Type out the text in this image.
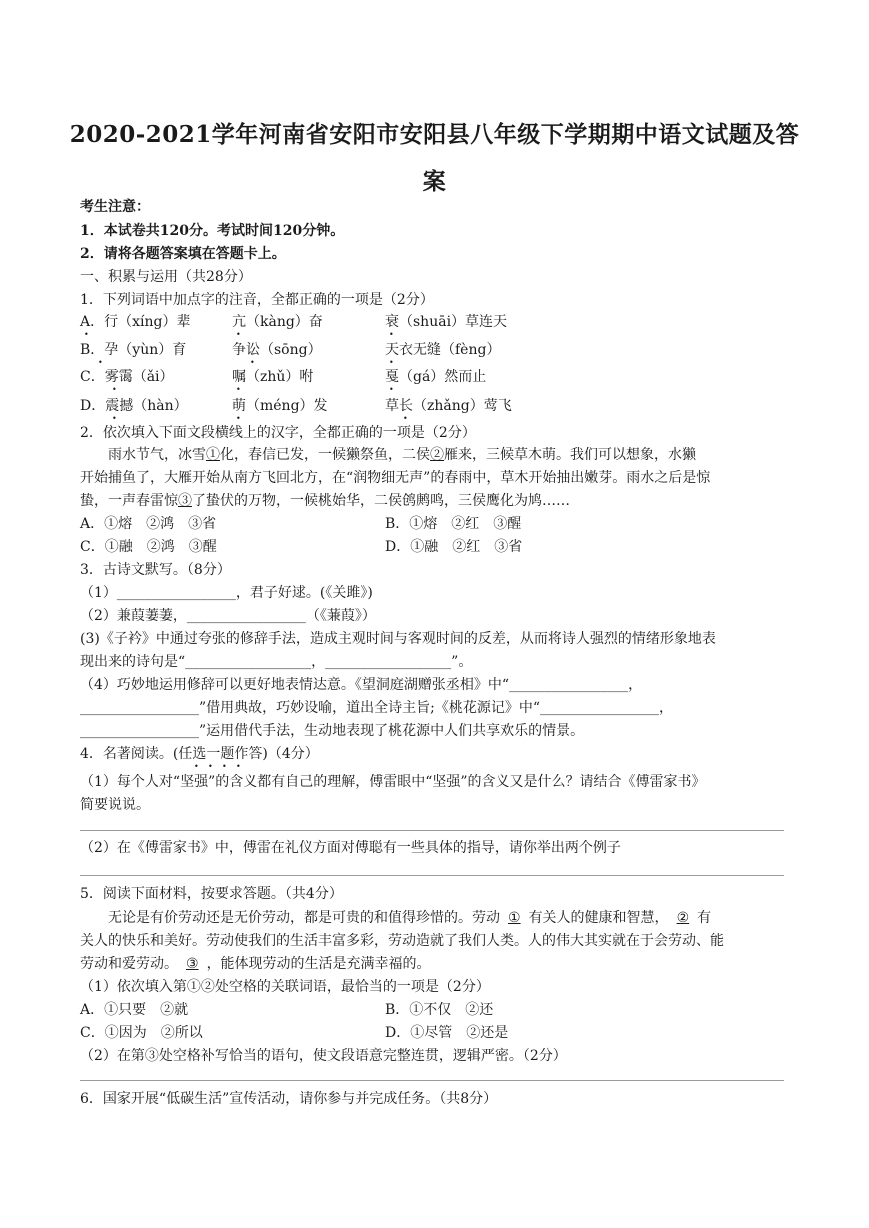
2020-2021学年河南省安阳市安阳县八年级下学期期中语文试题及答
案
考生注意：
1．本试卷共120分。考试时间120分钟。
2．请将各题答案填在答题卡上。
一、积累与运用（共28分）
1．下列词语中加点字的注音，全都正确的一项是（2分）
A．行（xíng）辈	亢（kàng）奋	衰（shuāi）草连天
B．孕（yùn）育	争讼（sōng）	天衣无缝（fèng）
C．雾霭（ǎi）	嘱（zhǔ）咐	戛（gá）然而止
D．震撼（hàn）	萌（méng）发	草长（zhǎng）莺飞
•	•	•
•	•	•
•	•	•
•	•	•
2．依次填入下面文段横线上的汉字，全都正确的一项是（2分）
雨水节气，冰雪①化，春信已发，一候獭祭鱼，二侯②雁来，三候草木萌。我们可以想象，水獭
开始捕鱼了，大雁开始从南方飞回北方，在“润物细无声”的春雨中，草木开始抽出嫩芽。雨水之后是惊
蛰，一声春雷惊③了蛰伏的万物，一候桃始华，二侯鸧鹒鸣，三侯鹰化为鸠……
A．①熔　②鸿　③省	B．①熔　②红　③醒
C．①融　②鸿　③醒	D．①融　②红　③省
3．古诗文默写。（8分）
（1）_________________，君子好逑。(《关雎》)
（2）兼葭萋萋，_________________（《蒹葭》）
(3)《子衿》中通过夸张的修辞手法，造成主观时间与客观时间的反差，从而将诗人强烈的情绪形象地表
现出来的诗句是“__________________，__________________”。
（4）巧妙地运用修辞可以更好地表情达意。《望洞庭湖赠张丞相》中“_________________，
_________________”借用典故，巧妙设喻，道出全诗主旨;《桃花源记》中“_________________，
_________________”运用借代手法，生动地表现了桃花源中人们共享欢乐的情景。
4．名著阅读。(任选一题作答)（4分）
• • • •
（1）每个人对“坚强”的含义都有自己的理解，傅雷眼中“坚强”的含义又是什么？请结合《傅雷家书》
简要说说。
（2）在《傅雷家书》中，傅雷在礼仪方面对傅聪有一些具体的指导，请你举出两个例子
5．阅读下面材料，按要求答题。（共4分）
无论是有价劳动还是无价劳动，都是可贵的和值得珍惜的。劳动 ① 有关人的健康和智慧， ② 有
关人的快乐和美好。劳动使我们的生活丰富多彩，劳动造就了我们人类。人的伟大其实就在于会劳动、能
劳动和爱劳动。 ③ ，能体现劳动的生活是充满幸福的。
（1）依次填入第①②处空格的关联词语，最恰当的一项是（2分）
A．①只要　②就	B．①不仅　②还
C．①因为　②所以	D．①尽管　②还是
（2）在第③处空格补写恰当的语句，使文段语意完整连贯，逻辑严密。（2分）
6．国家开展“低碳生活”宣传活动，请你参与并完成任务。（共8分）
